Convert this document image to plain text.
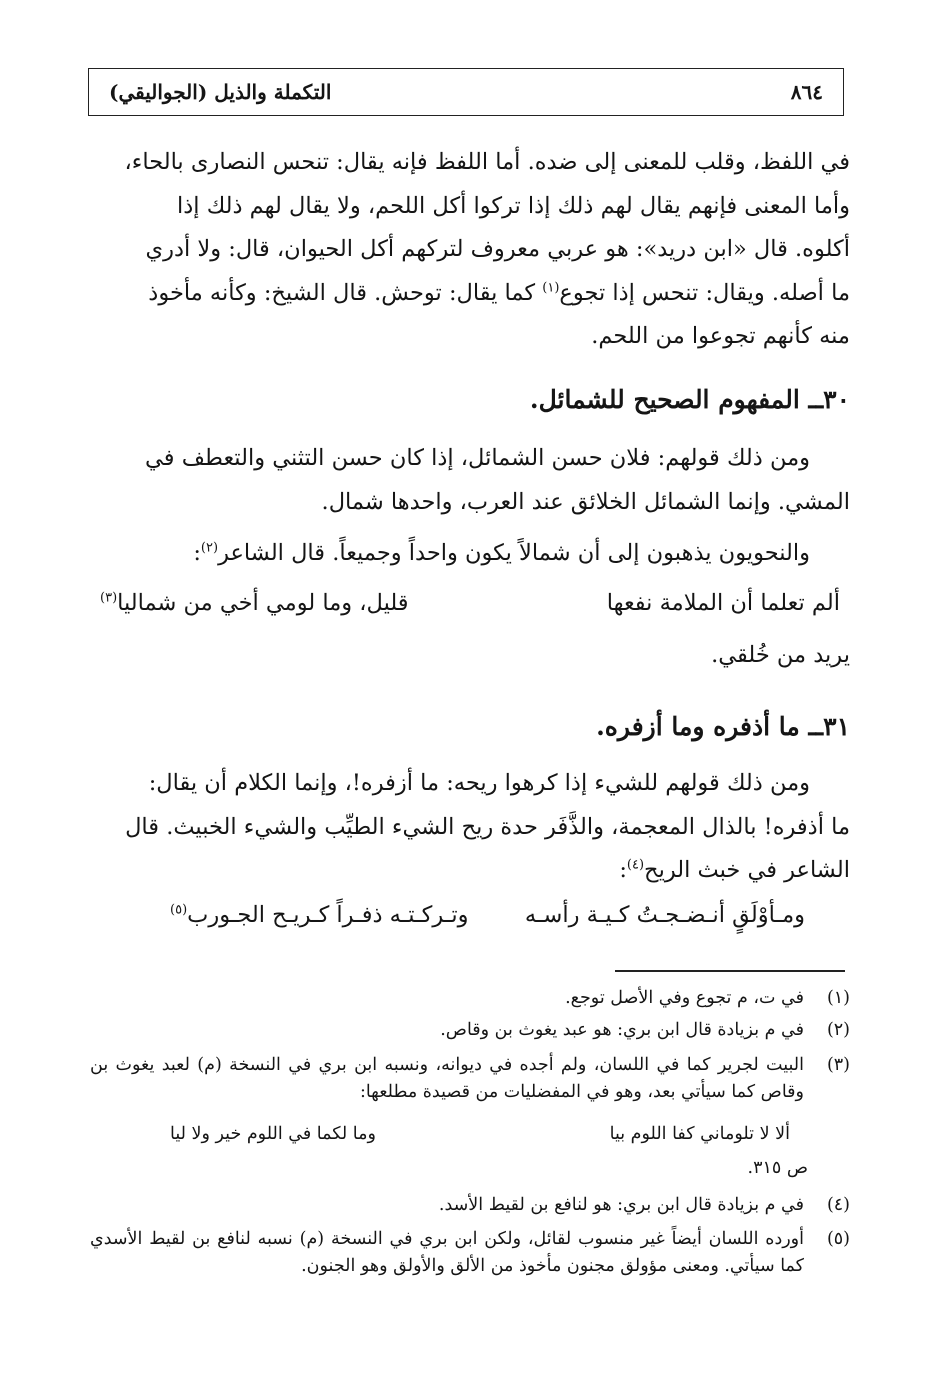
٨٦٤
التكملة والذيل (الجواليقي)

في اللفظ، وقلب للمعنى إلى ضده. أما اللفظ فإنه يقال: تنحس النصارى بالحاء،

وأما المعنى فإنهم يقال لهم ذلك إذا تركوا أكل اللحم، ولا يقال لهم ذلك إذا

أكلوه. قال «ابن دريد»: هو عربي معروف لتركهم أكل الحيوان، قال: ولا أدري

ما أصله. ويقال: تنحس إذا تجوع$^{(١)}$ كما يقال: توحش. قال الشيخ: وكأنه مأخوذ

منه كأنهم تجوعوا من اللحم.

٣٠ــ المفهوم الصحيح للشمائل.

ومن ذلك قولهم: فلان حسن الشمائل، إذا كان حسن التثني والتعطف في

المشي. وإنما الشمائل الخلائق عند العرب، واحدها شمال.

والنحويون يذهبون إلى أن شمالاً يكون واحداً وجميعاً. قال الشاعر$^{(٢)}$:

ألم تعلما أن الملامة نفعها
قليل، وما لومي أخي من شماليا$^{(٣)}$
يريد من خُلقي.
٣١ــ ما أذفره وما أزفره.

ومن ذلك قولهم للشيء إذا كرهوا ريحه: ما أزفره!، وإنما الكلام أن يقال:

ما أذفره! بالذال المعجمة، والذَّفَر حدة ريح الشيء الطيِّب والشيء الخبيث. قال

الشاعر في خبث الريح$^{(٤)}$:

ومـأوْلَقٍ أنـضـجـتُ كـيـة رأسـه
وتـركـتـه ذفـراً كـريـح الجـورب$^{(٥)}$
(١)
في ت، م تجوع وفي الأصل توجع.
(٢)
في م بزيادة قال ابن بري: هو عبد يغوث بن وقاص.
(٣)
البيت لجرير كما في اللسان، ولم أجده في ديوانه، ونسبه ابن بري في النسخة (م) لعبد يغوث بن وقاص كما سيأتي بعد، وهو في المفضليات من قصيدة مطلعها:
ألا لا تلوماني كفا اللوم بيا
وما لكما في اللوم خير ولا ليا
ص ٣١٥.
(٤)
في م بزيادة قال ابن بري: هو لنافع بن لقيط الأسد.
(٥)
أورده اللسان أيضاً غير منسوب لقائل، ولكن ابن بري في النسخة (م) نسبه لنافع بن لقيط الأسدي كما سيأتي. ومعنى مؤولق مجنون مأخوذ من الألق والأولق وهو الجنون.
